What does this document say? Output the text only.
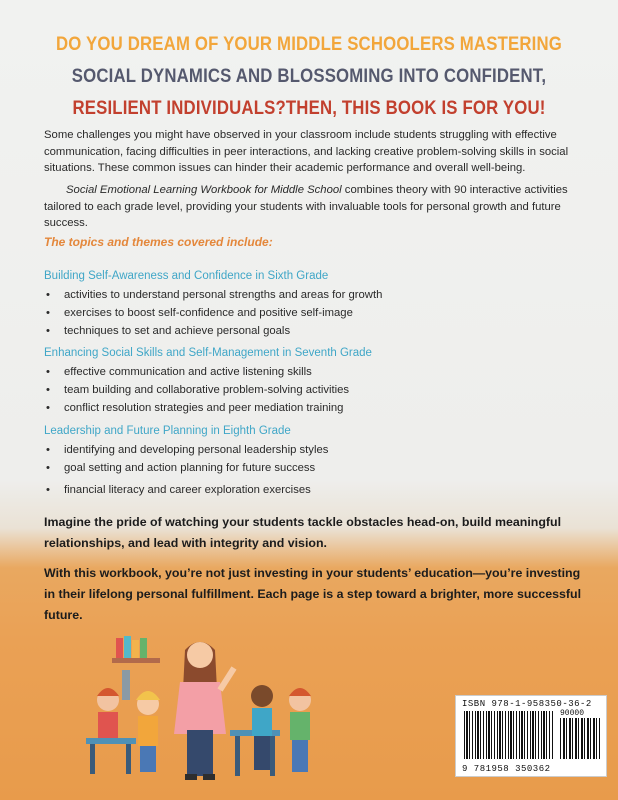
DO YOU DREAM OF YOUR MIDDLE SCHOOLERS MASTERING
SOCIAL DYNAMICS AND BLOSSOMING INTO CONFIDENT,
RESILIENT INDIVIDUALS?THEN, THIS BOOK IS FOR YOU!

Some challenges you might have observed in your classroom include students struggling with effective communication, facing difficulties in peer interactions, and lacking creative problem-solving skills in social situations. These common issues can hinder their academic performance and overall well-being.

Social Emotional Learning Workbook for Middle School combines theory with 90 interactive activities tailored to each grade level, providing your students with invaluable tools for personal growth and future success.

The topics and themes covered include:
Building Self-Awareness and Confidence in Sixth Grade
• activities to understand personal strengths and areas for growth
• exercises to boost self-confidence and positive self-image
• techniques to set and achieve personal goals
Enhancing Social Skills and Self-Management in Seventh Grade
• effective communication and active listening skills
• team building and collaborative problem-solving activities
• conflict resolution strategies and peer mediation training
Leadership and Future Planning in Eighth Grade
• identifying and developing personal leadership styles
• goal setting and action planning for future success
• financial literacy and career exploration exercises

Imagine the pride of watching your students tackle obstacles head-on, build meaningful relationships, and lead with integrity and vision.

With this workbook, you’re not just investing in your students’ education—you’re investing in their lifelong personal fulfillment. Each page is a step toward a brighter, more successful future.

ISBN 978-1-958350-36-2
90000
9 781958 350362
